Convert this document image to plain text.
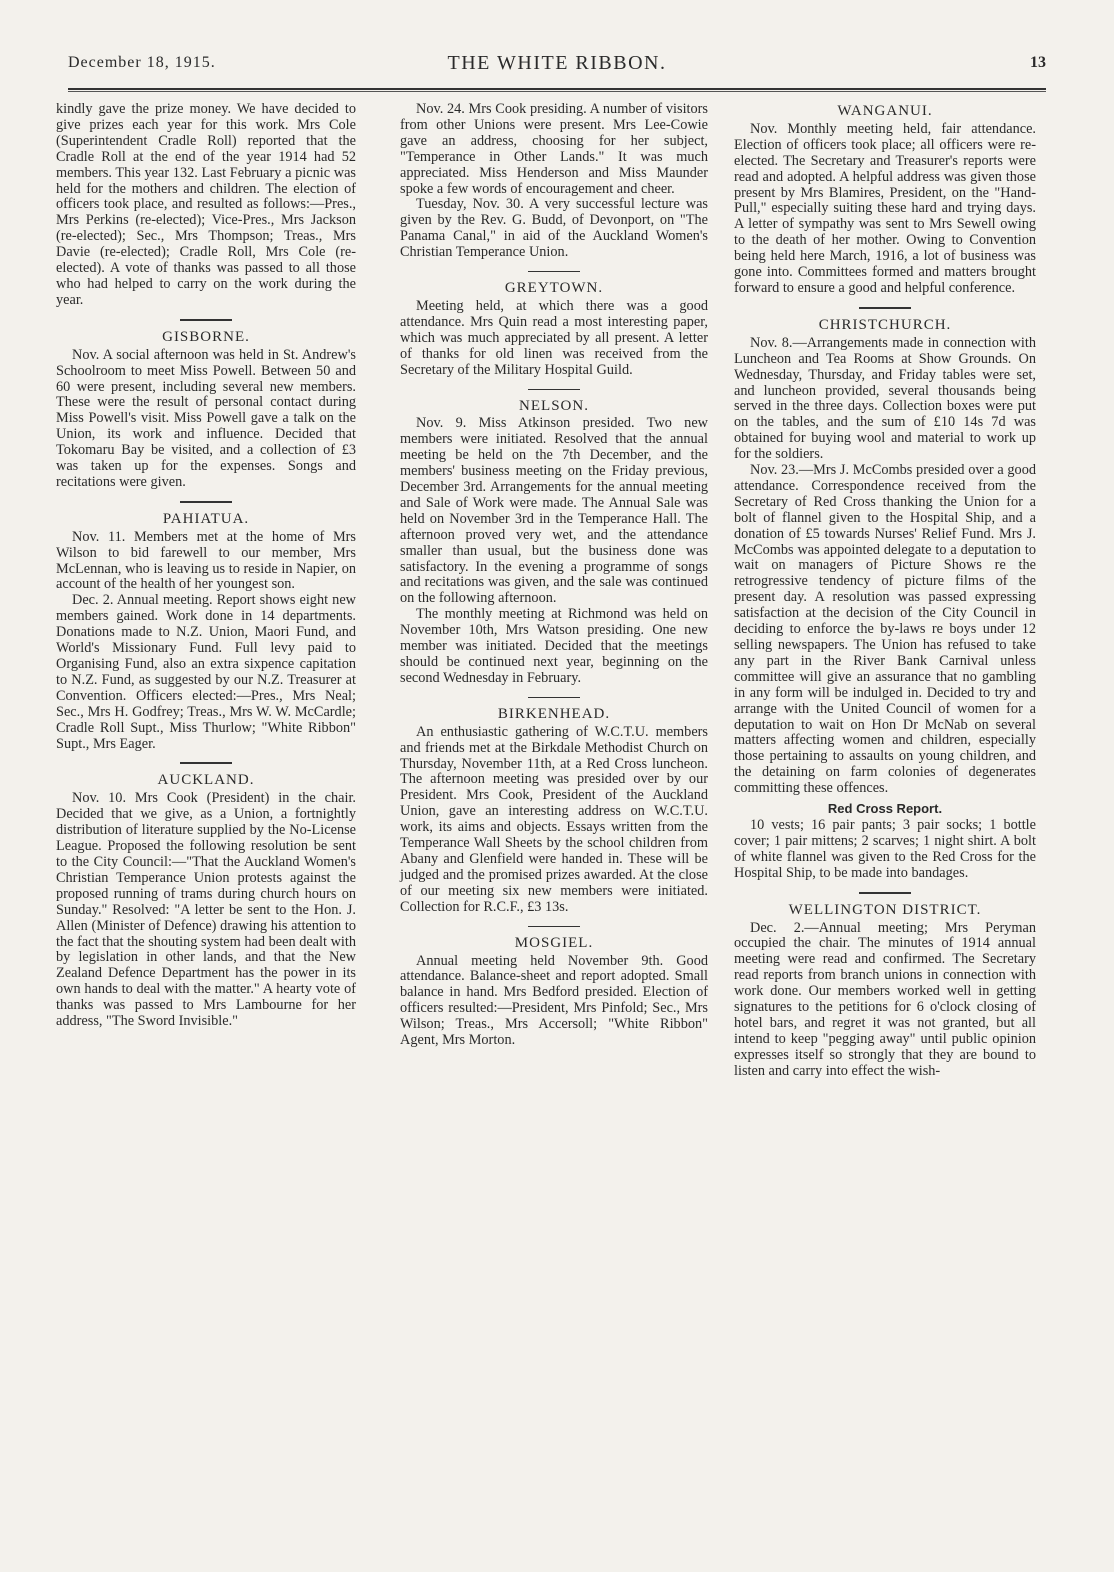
December 18, 1915.	THE WHITE RIBBON.	13

kindly gave the prize money. We have decided to give prizes each year for this work. Mrs Cole (Superintendent Cradle Roll) reported that the Cradle Roll at the end of the year 1914 had 52 members. This year 132. Last February a picnic was held for the mothers and children. The election of officers took place, and resulted as follows:—Pres., Mrs Perkins (re-elected); Vice-Pres., Mrs Jackson (re-elected); Sec., Mrs Thompson; Treas., Mrs Davie (re-elected); Cradle Roll, Mrs Cole (re-elected). A vote of thanks was passed to all those who had helped to carry on the work during the year.

GISBORNE.

Nov. A social afternoon was held in St. Andrew's Schoolroom to meet Miss Powell. Between 50 and 60 were present, including several new members. These were the result of personal contact during Miss Powell's visit. Miss Powell gave a talk on the Union, its work and influence. Decided that Tokomaru Bay be visited, and a collection of £3 was taken up for the expenses. Songs and recitations were given.

PAHIATUA.

Nov. 11. Members met at the home of Mrs Wilson to bid farewell to our member, Mrs McLennan, who is leaving us to reside in Napier, on account of the health of her youngest son.

Dec. 2. Annual meeting. Report shows eight new members gained. Work done in 14 departments. Donations made to N.Z. Union, Maori Fund, and World's Missionary Fund. Full levy paid to Organising Fund, also an extra sixpence capitation to N.Z. Fund, as suggested by our N.Z. Treasurer at Convention. Officers elected:—Pres., Mrs Neal; Sec., Mrs H. Godfrey; Treas., Mrs W. W. McCardle; Cradle Roll Supt., Miss Thurlow; "White Ribbon" Supt., Mrs Eager.

AUCKLAND.

Nov. 10. Mrs Cook (President) in the chair. Decided that we give, as a Union, a fortnightly distribution of literature supplied by the No-License League. Proposed the following resolution be sent to the City Council:—"That the Auckland Women's Christian Temperance Union protests against the proposed running of trams during church hours on Sunday." Resolved: "A letter be sent to the Hon. J. Allen (Minister of Defence) drawing his attention to the fact that the shouting system had been dealt with by legislation in other lands, and that the New Zealand Defence Department has the power in its own hands to deal with the matter." A hearty vote of thanks was passed to Mrs Lambourne for her address, "The Sword Invisible."

Nov. 24. Mrs Cook presiding. A number of visitors from other Unions were present. Mrs Lee-Cowie gave an address, choosing for her subject, "Temperance in Other Lands." It was much appreciated. Miss Henderson and Miss Maunder spoke a few words of encouragement and cheer.

Tuesday, Nov. 30. A very successful lecture was given by the Rev. G. Budd, of Devonport, on "The Panama Canal," in aid of the Auckland Women's Christian Temperance Union.

GREYTOWN.

Meeting held, at which there was a good attendance. Mrs Quin read a most interesting paper, which was much appreciated by all present. A letter of thanks for old linen was received from the Secretary of the Military Hospital Guild.

NELSON.

Nov. 9. Miss Atkinson presided. Two new members were initiated. Resolved that the annual meeting be held on the 7th December, and the members' business meeting on the Friday previous, December 3rd. Arrangements for the annual meeting and Sale of Work were made. The Annual Sale was held on November 3rd in the Temperance Hall. The afternoon proved very wet, and the attendance smaller than usual, but the business done was satisfactory. In the evening a programme of songs and recitations was given, and the sale was continued on the following afternoon.

The monthly meeting at Richmond was held on November 10th, Mrs Watson presiding. One new member was initiated. Decided that the meetings should be continued next year, beginning on the second Wednesday in February.

BIRKENHEAD.

An enthusiastic gathering of W.C.T.U. members and friends met at the Birkdale Methodist Church on Thursday, November 11th, at a Red Cross luncheon. The afternoon meeting was presided over by our President. Mrs Cook, President of the Auckland Union, gave an interesting address on W.C.T.U. work, its aims and objects. Essays written from the Temperance Wall Sheets by the school children from Abany and Glenfield were handed in. These will be judged and the promised prizes awarded. At the close of our meeting six new members were initiated. Collection for R.C.F., £3 13s.

MOSGIEL.

Annual meeting held November 9th. Good attendance. Balance-sheet and report adopted. Small balance in hand. Mrs Bedford presided. Election of officers resulted:—President, Mrs Pinfold; Sec., Mrs Wilson; Treas., Mrs Accersoll; "White Ribbon" Agent, Mrs Morton.

WANGANUI.

Nov. Monthly meeting held, fair attendance. Election of officers took place; all officers were re-elected. The Secretary and Treasurer's reports were read and adopted. A helpful address was given those present by Mrs Blamires, President, on the "Hand-Pull," especially suiting these hard and trying days. A letter of sympathy was sent to Mrs Sewell owing to the death of her mother. Owing to Convention being held here March, 1916, a lot of business was gone into. Committees formed and matters brought forward to ensure a good and helpful conference.

CHRISTCHURCH.

Nov. 8.—Arrangements made in connection with Luncheon and Tea Rooms at Show Grounds. On Wednesday, Thursday, and Friday tables were set, and luncheon provided, several thousands being served in the three days. Collection boxes were put on the tables, and the sum of £10 14s 7d was obtained for buying wool and material to work up for the soldiers.

Nov. 23.—Mrs J. McCombs presided over a good attendance. Correspondence received from the Secretary of Red Cross thanking the Union for a bolt of flannel given to the Hospital Ship, and a donation of £5 towards Nurses' Relief Fund. Mrs J. McCombs was appointed delegate to a deputation to wait on managers of Picture Shows re the retrogressive tendency of picture films of the present day. A resolution was passed expressing satisfaction at the decision of the City Council in deciding to enforce the by-laws re boys under 12 selling newspapers. The Union has refused to take any part in the River Bank Carnival unless committee will give an assurance that no gambling in any form will be indulged in. Decided to try and arrange with the United Council of women for a deputation to wait on Hon Dr McNab on several matters affecting women and children, especially those pertaining to assaults on young children, and the detaining on farm colonies of degenerates committing these offences.

Red Cross Report.

10 vests; 16 pair pants; 3 pair socks; 1 bottle cover; 1 pair mittens; 2 scarves; 1 night shirt. A bolt of white flannel was given to the Red Cross for the Hospital Ship, to be made into bandages.

WELLINGTON DISTRICT.

Dec. 2.—Annual meeting; Mrs Peryman occupied the chair. The minutes of 1914 annual meeting were read and confirmed. The Secretary read reports from branch unions in connection with work done. Our members worked well in getting signatures to the petitions for 6 o'clock closing of hotel bars, and regret it was not granted, but all intend to keep "pegging away" until public opinion expresses itself so strongly that they are bound to listen and carry into effect the wish-
